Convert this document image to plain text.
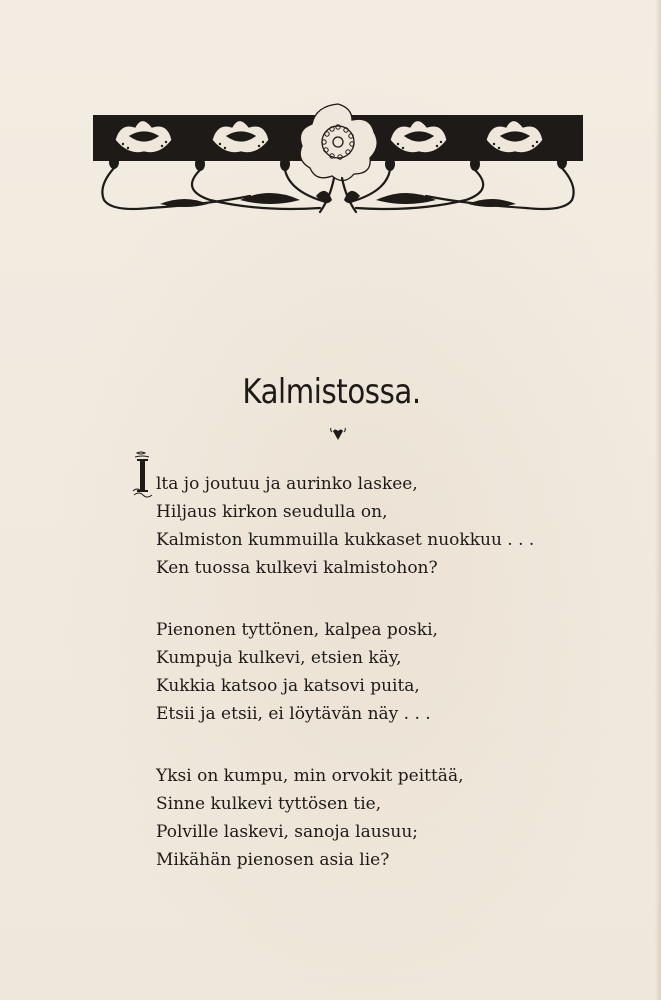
Kalmistossa.
I lta jo joutuu ja aurinko laskee,
Hiljaus kirkon seudulla on,
Kalmiston kummuilla kukkaset nuokkuu . . .
Ken tuossa kulkevi kalmistohon?
Pienonen tyttönen, kalpea poski,
Kumpuja kulkevi, etsien käy,
Kukkia katsoo ja katsovi puita,
Etsii ja etsii, ei löytävän näy . . .
Yksi on kumpu, min orvokit peittää,
Sinne kulkevi tyttösen tie,
Polville laskevi, sanoja lausuu;
Mikähän pienosen asia lie?
